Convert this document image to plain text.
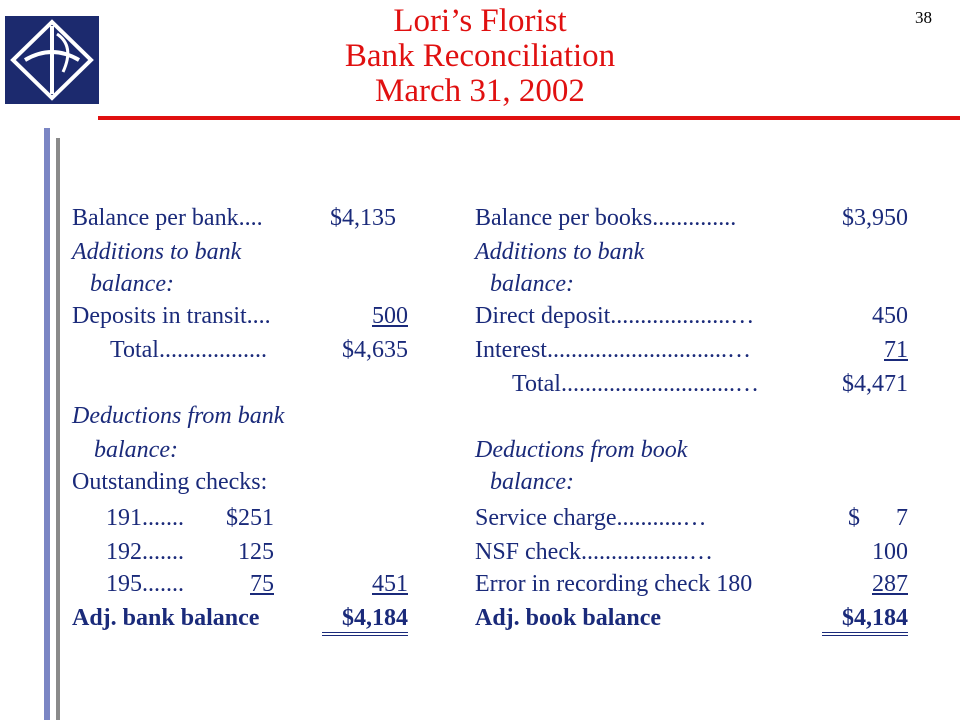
Lori’s Florist
Bank Reconciliation
March 31, 2002
38
Balance per bank....	$4,135
Additions to bank
balance:
Deposits in transit....	500
Total..................	$4,635
Deductions from bank
balance:
Outstanding checks:
191.......	$251
192.......	125
195.......	75	451
Adj. bank balance	$4,184
Balance per books..............	$3,950
Additions to bank
balance:
Direct deposit....................…	450
Interest..............................…	71
Total.............................…	$4,471
Deductions from book
balance:
Service charge...........…	$      7
NSF check..................…	100
Error in recording check 180	287
Adj. book balance	$4,184
